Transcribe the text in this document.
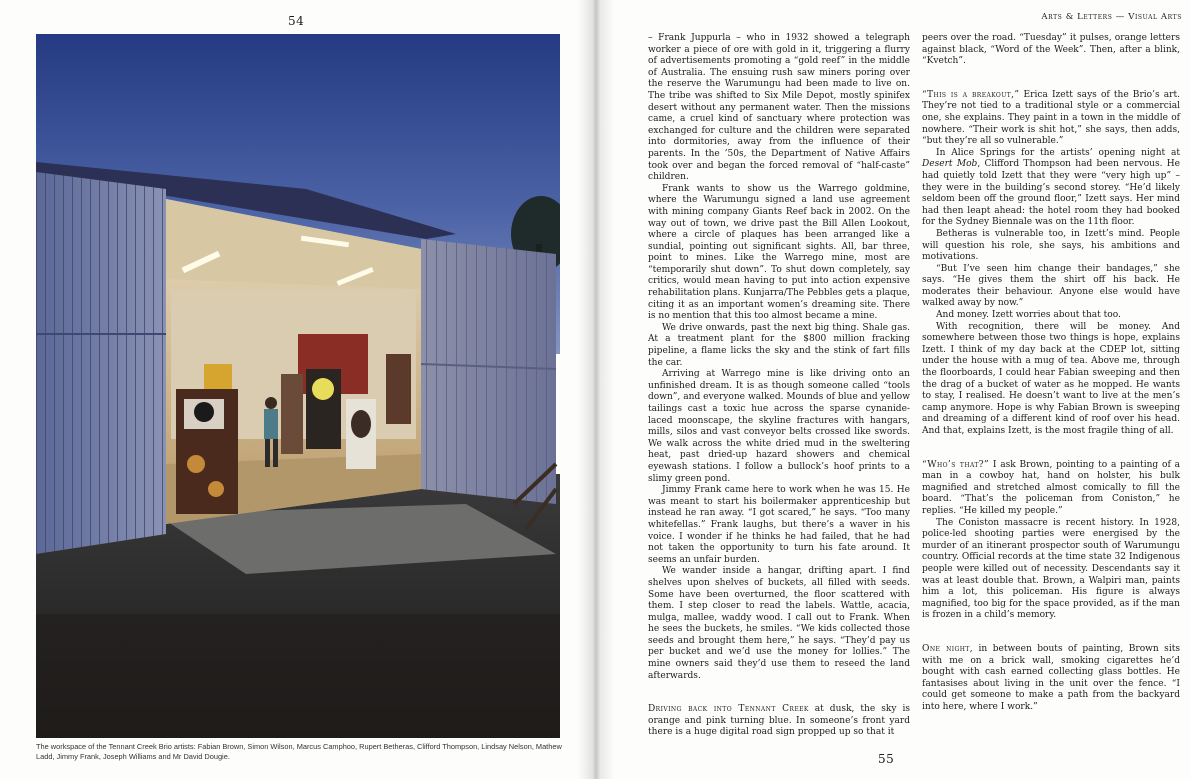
54
The workspace of the Tennant Creek Brio artists: Fabian Brown, Simon Wilson, Marcus Camphoo, Rupert Betheras, Clifford Thompson, Lindsay Nelson, Mathew Ladd, Jimmy Frank, Joseph Williams and Mr David Dougie.
Arts & Letters — Visual Arts

– Frank Juppurla – who in 1932 showed a telegraph worker a piece of ore with gold in it, triggering a flurry of advertisements promoting a “gold reef” in the middle of Australia. The ensuing rush saw miners poring over the reserve the Warumungu had been made to live on. The tribe was shifted to Six Mile Depot, mostly spinifex desert without any permanent water. Then the missions came, a cruel kind of sanctuary where protection was exchanged for culture and the children were separated into dormitories, away from the influence of their parents. In the ’50s, the Department of Native Affairs took over and began the forced removal of “half-caste” children.

Frank wants to show us the Warrego goldmine, where the Warumungu signed a land use agreement with mining company Giants Reef back in 2002. On the way out of town, we drive past the Bill Allen Lookout, where a circle of plaques has been arranged like a sundial, pointing out significant sights. All, bar three, point to mines. Like the Warrego mine, most are “temporarily shut down”. To shut down completely, say critics, would mean having to put into action expensive rehabilitation plans. Kunjarra/The Pebbles gets a plaque, citing it as an important women’s dreaming site. There is no mention that this too almost became a mine.

We drive onwards, past the next big thing. Shale gas. At a treatment plant for the $800 million fracking pipeline, a flame licks the sky and the stink of fart fills the car.

Arriving at Warrego mine is like driving onto an unfinished dream. It is as though someone called “tools down”, and everyone walked. Mounds of blue and yellow tailings cast a toxic hue across the sparse cynanide-laced moonscape, the skyline fractures with hangars, mills, silos and vast conveyor belts crossed like swords. We walk across the white dried mud in the sweltering heat, past dried-up hazard showers and chemical eyewash stations. I follow a bullock’s hoof prints to a slimy green pond.

Jimmy Frank came here to work when he was 15. He was meant to start his boilermaker apprenticeship but instead he ran away. “I got scared,” he says. “Too many whitefellas.” Frank laughs, but there’s a waver in his voice. I wonder if he thinks he had failed, that he had not taken the opportunity to turn his fate around. It seems an unfair burden.

We wander inside a hangar, drifting apart. I find shelves upon shelves of buckets, all filled with seeds. Some have been overturned, the floor scattered with them. I step closer to read the labels. Wattle, acacia, mulga, mallee, waddy wood. I call out to Frank. When he sees the buckets, he smiles. “We kids collected those seeds and brought them here,” he says. “They’d pay us per bucket and we’d use the money for lollies.” The mine owners said they’d use them to reseed the land afterwards.

Driving back into Tennant Creek at dusk, the sky is orange and pink turning blue. In someone’s front yard there is a huge digital road sign propped up so that it

peers over the road. “Tuesday” it pulses, orange letters against black, “Word of the Week”. Then, after a blink, “Kvetch”.

“This is a breakout,” Erica Izett says of the Brio’s art. They’re not tied to a traditional style or a commercial one, she explains. They paint in a town in the middle of nowhere. “Their work is shit hot,” she says, then adds, “but they’re all so vulnerable.”

In Alice Springs for the artists’ opening night at Desert Mob, Clifford Thompson had been nervous. He had quietly told Izett that they were “very high up” – they were in the building’s second storey. “He’d likely seldom been off the ground floor,” Izett says. Her mind had then leapt ahead: the hotel room they had booked for the Sydney Biennale was on the 11th floor.

Betheras is vulnerable too, in Izett’s mind. People will question his role, she says, his ambitions and motivations.

“But I’ve seen him change their bandages,” she says. “He gives them the shirt off his back. He moderates their behaviour. Anyone else would have walked away by now.”

And money. Izett worries about that too.

With recognition, there will be money. And somewhere between those two things is hope, explains Izett. I think of my day back at the CDEP lot, sitting under the house with a mug of tea. Above me, through the floorboards, I could hear Fabian sweeping and then the drag of a bucket of water as he mopped. He wants to stay, I realised. He doesn’t want to live at the men’s camp anymore. Hope is why Fabian Brown is sweeping and dreaming of a different kind of roof over his head. And that, explains Izett, is the most fragile thing of all.

“Who’s that?” I ask Brown, pointing to a painting of a man in a cowboy hat, hand on holster, his bulk magnified and stretched almost comically to fill the board. “That’s the policeman from Coniston,” he replies. “He killed my people.”

The Coniston massacre is recent history. In 1928, police-led shooting parties were energised by the murder of an itinerant prospector south of Warumungu country. Official records at the time state 32 Indigenous people were killed out of necessity. Descendants say it was at least double that. Brown, a Walpiri man, paints him a lot, this policeman. His figure is always magnified, too big for the space provided, as if the man is frozen in a child’s memory.

One night, in between bouts of painting, Brown sits with me on a brick wall, smoking cigarettes he’d bought with cash earned collecting glass bottles. He fantasises about living in the unit over the fence. “I could get someone to make a path from the backyard into here, where I work.”

55
